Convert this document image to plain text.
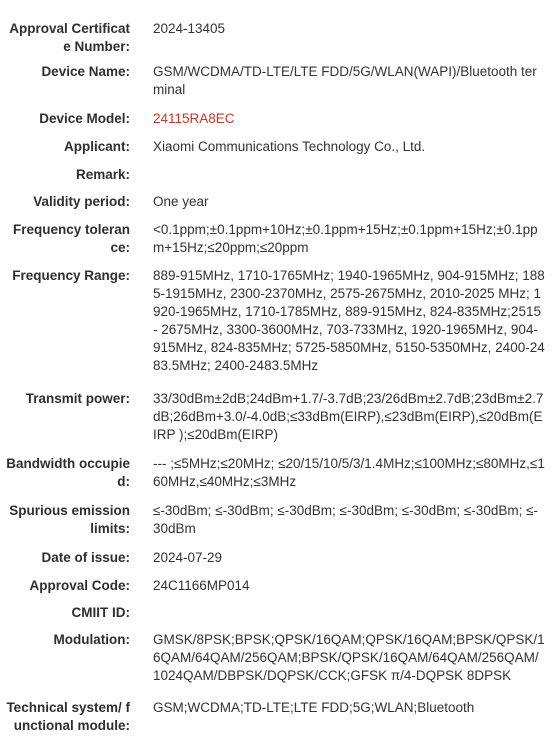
Approval Certificate Number:
2024-13405
Device Name: GSM/WCDMA/TD-LTE/LTE FDD/5G/WLAN(WAPI)/Bluetooth terminal
Device Model: 24115RA8EC
Applicant: Xiaomi Communications Technology Co., Ltd.
Remark:
Validity period: One year
Frequency tolerance:
<0.1ppm;±0.1ppm+10Hz;±0.1ppm+15Hz;±0.1ppm+15Hz;±0.1ppm+15Hz;≤20ppm;≤20ppm
Frequency Range: 889-915MHz, 1710-1765MHz; 1940-1965MHz, 904-915MHz; 1885-1915MHz, 2300-2370MHz, 2575-2675MHz, 2010-2025 MHz; 1920-1965MHz, 1710-1785MHz, 889-915MHz, 824-835MHz;2515- 2675MHz, 3300-3600MHz, 703-733MHz, 1920-1965MHz, 904-915MHz, 824-835MHz; 5725-5850MHz, 5150-5350MHz, 2400-2483.5MHz; 2400-2483.5MHz
Transmit power: 33/30dBm±2dB;24dBm+1.7/-3.7dB;23/26dBm±2.7dB;23dBm±2.7dB;26dBm+3.0/-4.0dB;≤33dBm(EIRP),≤23dBm(EIRP),≤20dBm(EIRP );≤20dBm(EIRP)
Bandwidth occupied:
--- ;≤5MHz;≤20MHz; ≤20/15/10/5/3/1.4MHz;≤100MHz;≤80MHz,≤160MHz,≤40MHz;≤3MHz
Spurious emission limits:
≤-30dBm; ≤-30dBm; ≤-30dBm; ≤-30dBm; ≤-30dBm; ≤-30dBm; ≤-30dBm
Date of issue: 2024-07-29
Approval Code: 24C1166MP014
CMIIT ID:
Modulation: GMSK/8PSK;BPSK;QPSK/16QAM;QPSK/16QAM;BPSK/QPSK/16QAM/64QAM/256QAM;BPSK/QPSK/16QAM/64QAM/256QAM/1024QAM/DBPSK/DQPSK/CCK;GFSK π/4-DQPSK 8DPSK
Technical system/ functional module:
GSM;WCDMA;TD-LTE;LTE FDD;5G;WLAN;Bluetooth
